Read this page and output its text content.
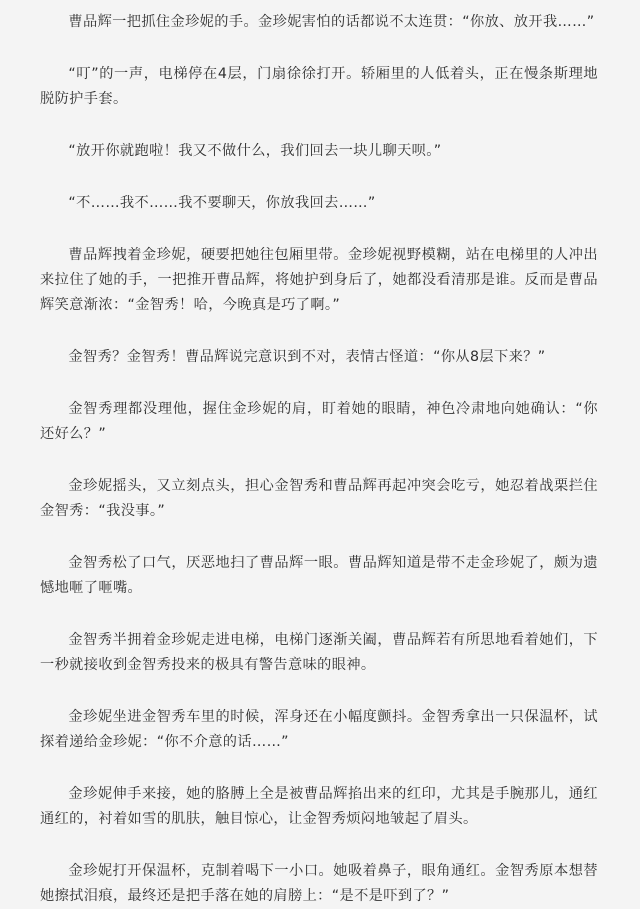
曹品辉一把抓住金珍妮的手。金珍妮害怕的话都说不太连贯：“你放、放开我……”

“叮”的一声，电梯停在4层，门扇徐徐打开。轿厢里的人低着头，正在慢条斯理地脱防护手套。

“放开你就跑啦！我又不做什么，我们回去一块儿聊天呗。”

“不……我不……我不要聊天，你放我回去……”

曹品辉拽着金珍妮，硬要把她往包厢里带。金珍妮视野模糊，站在电梯里的人冲出来拉住了她的手，一把推开曹品辉，将她护到身后了，她都没看清那是谁。反而是曹品辉笑意渐浓：“金智秀！哈，今晚真是巧了啊。”

金智秀？金智秀！曹品辉说完意识到不对，表情古怪道：“你从8层下来？”

金智秀理都没理他，握住金珍妮的肩，盯着她的眼睛，神色冷肃地向她确认：“你还好么？”

金珍妮摇头，又立刻点头，担心金智秀和曹品辉再起冲突会吃亏，她忍着战栗拦住金智秀：“我没事。”

金智秀松了口气，厌恶地扫了曹品辉一眼。曹品辉知道是带不走金珍妮了，颇为遗憾地咂了咂嘴。

金智秀半拥着金珍妮走进电梯，电梯门逐渐关阖，曹品辉若有所思地看着她们，下一秒就接收到金智秀投来的极具有警告意味的眼神。

金珍妮坐进金智秀车里的时候，浑身还在小幅度颤抖。金智秀拿出一只保温杯，试探着递给金珍妮：“你不介意的话……”

金珍妮伸手来接，她的胳膊上全是被曹品辉掐出来的红印，尤其是手腕那儿，通红通红的，衬着如雪的肌肤，触目惊心，让金智秀烦闷地皱起了眉头。

金珍妮打开保温杯，克制着喝下一小口。她吸着鼻子，眼角通红。金智秀原本想替她擦拭泪痕，最终还是把手落在她的肩膀上：“是不是吓到了？”
